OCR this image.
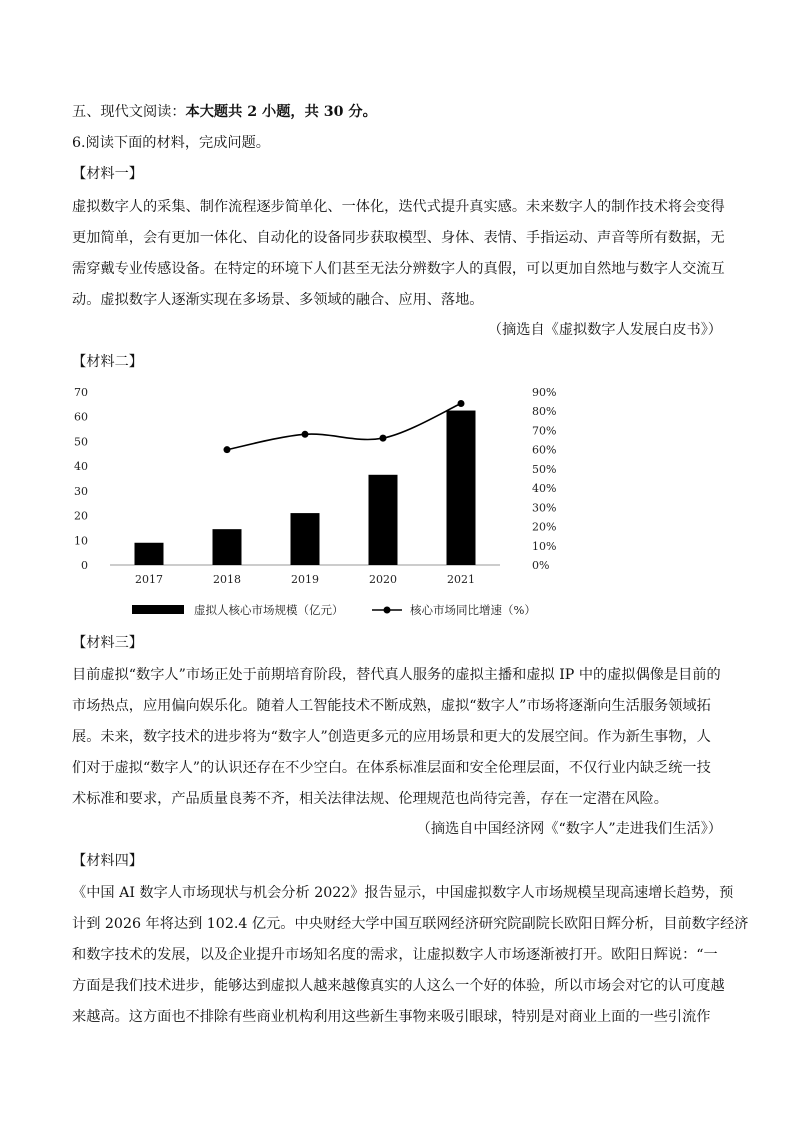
五、现代文阅读：本大题共 2 小题，共 30 分。
6.阅读下面的材料，完成问题。
【材料一】
虚拟数字人的采集、制作流程逐步简单化、一体化，迭代式提升真实感。未来数字人的制作技术将会变得
更加简单，会有更加一体化、自动化的设备同步获取模型、身体、表情、手指运动、声音等所有数据，无
需穿戴专业传感设备。在特定的环境下人们甚至无法分辨数字人的真假，可以更加自然地与数字人交流互
动。虚拟数字人逐渐实现在多场景、多领域的融合、应用、落地。
（摘选自《虚拟数字人发展白皮书》）
【材料二】
0
10
20
30
40
50
60
70
0%
10%
20%
30%
40%
50%
60%
70%
80%
90%
2017	2018	2019	2020	2021
虚拟人核心市场规模（亿元）	核心市场同比增速（%）
【材料三】
目前虚拟“数字人”市场正处于前期培育阶段，替代真人服务的虚拟主播和虚拟 IP 中的虚拟偶像是目前的
市场热点，应用偏向娱乐化。随着人工智能技术不断成熟，虚拟“数字人”市场将逐渐向生活服务领域拓
展。未来，数字技术的进步将为“数字人”创造更多元的应用场景和更大的发展空间。作为新生事物，人
们对于虚拟“数字人”的认识还存在不少空白。在体系标准层面和安全伦理层面，不仅行业内缺乏统一技
术标准和要求，产品质量良莠不齐，相关法律法规、伦理规范也尚待完善，存在一定潜在风险。
（摘选自中国经济网《“数字人”走进我们生活》）
【材料四】
《中国 AI 数字人市场现状与机会分析 2022》报告显示，中国虚拟数字人市场规模呈现高速增长趋势，预
计到 2026 年将达到 102.4 亿元。中央财经大学中国互联网经济研究院副院长欧阳日辉分析，目前数字经济
和数字技术的发展，以及企业提升市场知名度的需求，让虚拟数字人市场逐渐被打开。欧阳日辉说：“一
方面是我们技术进步，能够达到虚拟人越来越像真实的人这么一个好的体验，所以市场会对它的认可度越
来越高。这方面也不排除有些商业机构利用这些新生事物来吸引眼球，特别是对商业上面的一些引流作
